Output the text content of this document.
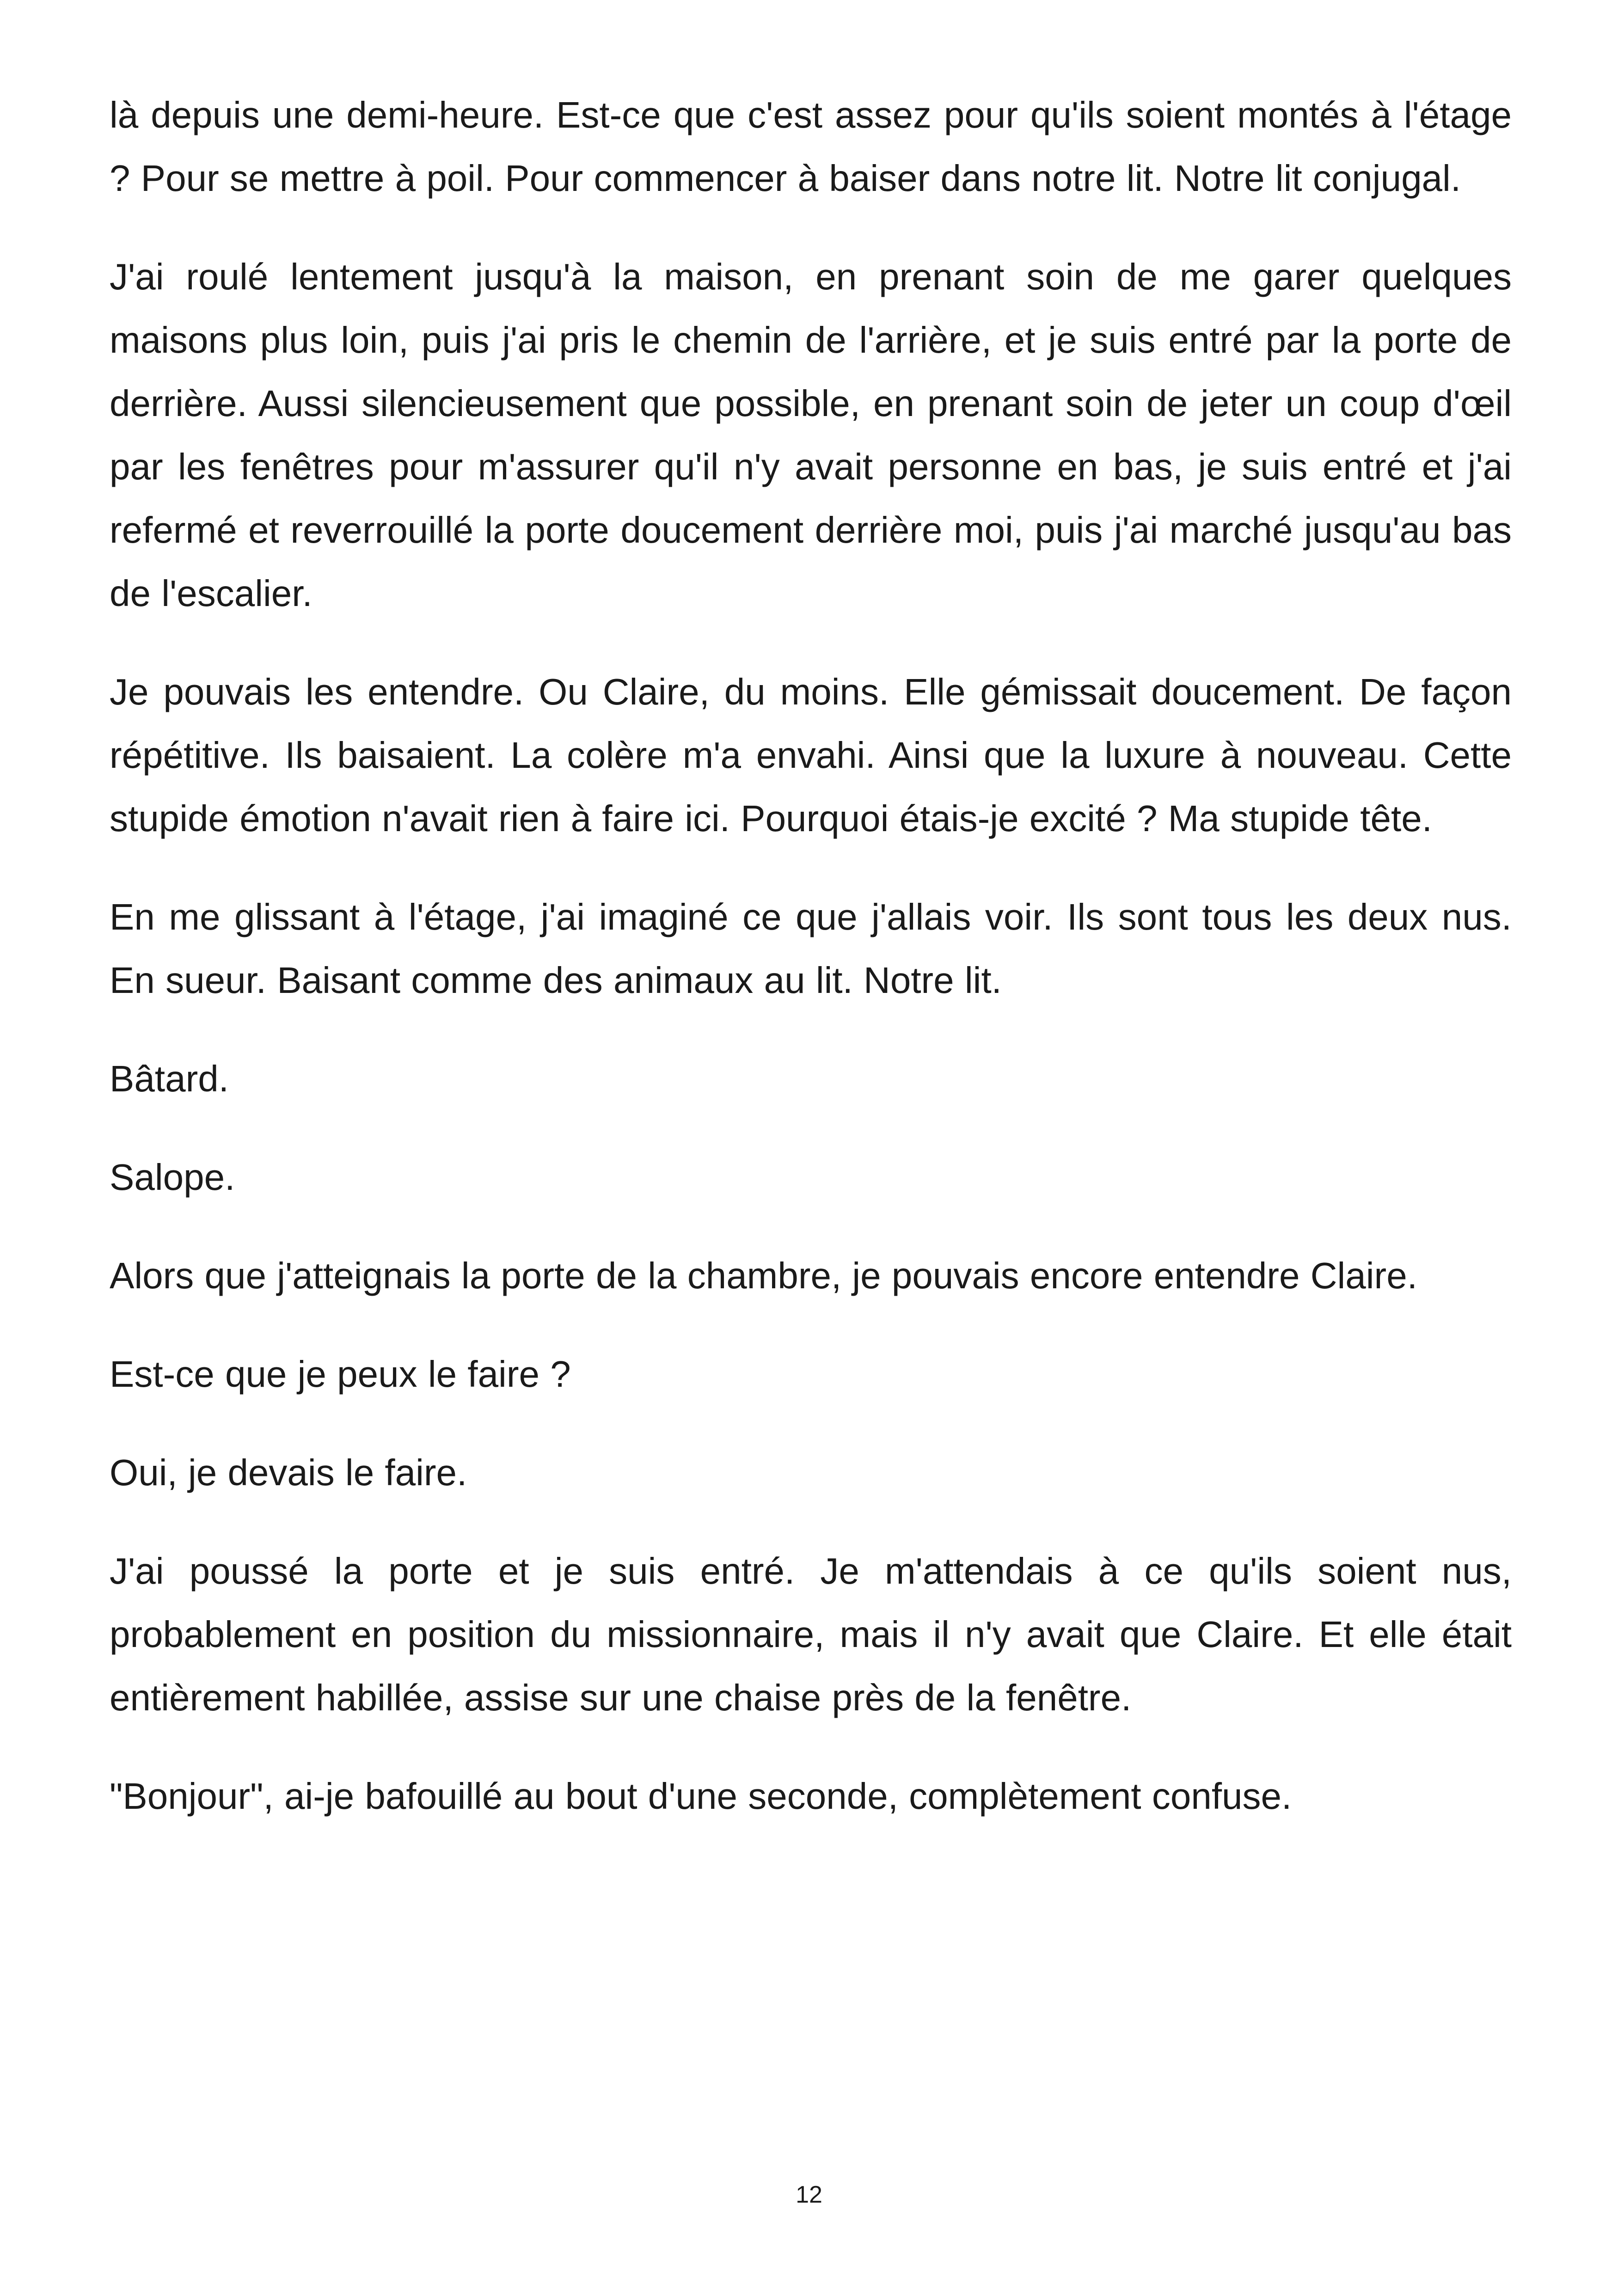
là depuis une demi-heure. Est-ce que c'est assez pour qu'ils soient montés à l'étage ? Pour se mettre à poil. Pour commencer à baiser dans notre lit. Notre lit conjugal.

J'ai roulé lentement jusqu'à la maison, en prenant soin de me garer quelques maisons plus loin, puis j'ai pris le chemin de l'arrière, et je suis entré par la porte de derrière. Aussi silencieusement que possible, en prenant soin de jeter un coup d'œil par les fenêtres pour m'assurer qu'il n'y avait personne en bas, je suis entré et j'ai refermé et reverrouillé la porte doucement derrière moi, puis j'ai marché jusqu'au bas de l'escalier.

Je pouvais les entendre. Ou Claire, du moins. Elle gémissait doucement. De façon répétitive. Ils baisaient. La colère m'a envahi. Ainsi que la luxure à nouveau. Cette stupide émotion n'avait rien à faire ici. Pourquoi étais-je excité ? Ma stupide tête.

En me glissant à l'étage, j'ai imaginé ce que j'allais voir. Ils sont tous les deux nus. En sueur. Baisant comme des animaux au lit. Notre lit.

Bâtard.

Salope.

Alors que j'atteignais la porte de la chambre, je pouvais encore entendre Claire.

Est-ce que je peux le faire ?

Oui, je devais le faire.

J'ai poussé la porte et je suis entré. Je m'attendais à ce qu'ils soient nus, probablement en position du missionnaire, mais il n'y avait que Claire. Et elle était entièrement habillée, assise sur une chaise près de la fenêtre.

"Bonjour", ai-je bafouillé au bout d'une seconde, complètement confuse.

12
